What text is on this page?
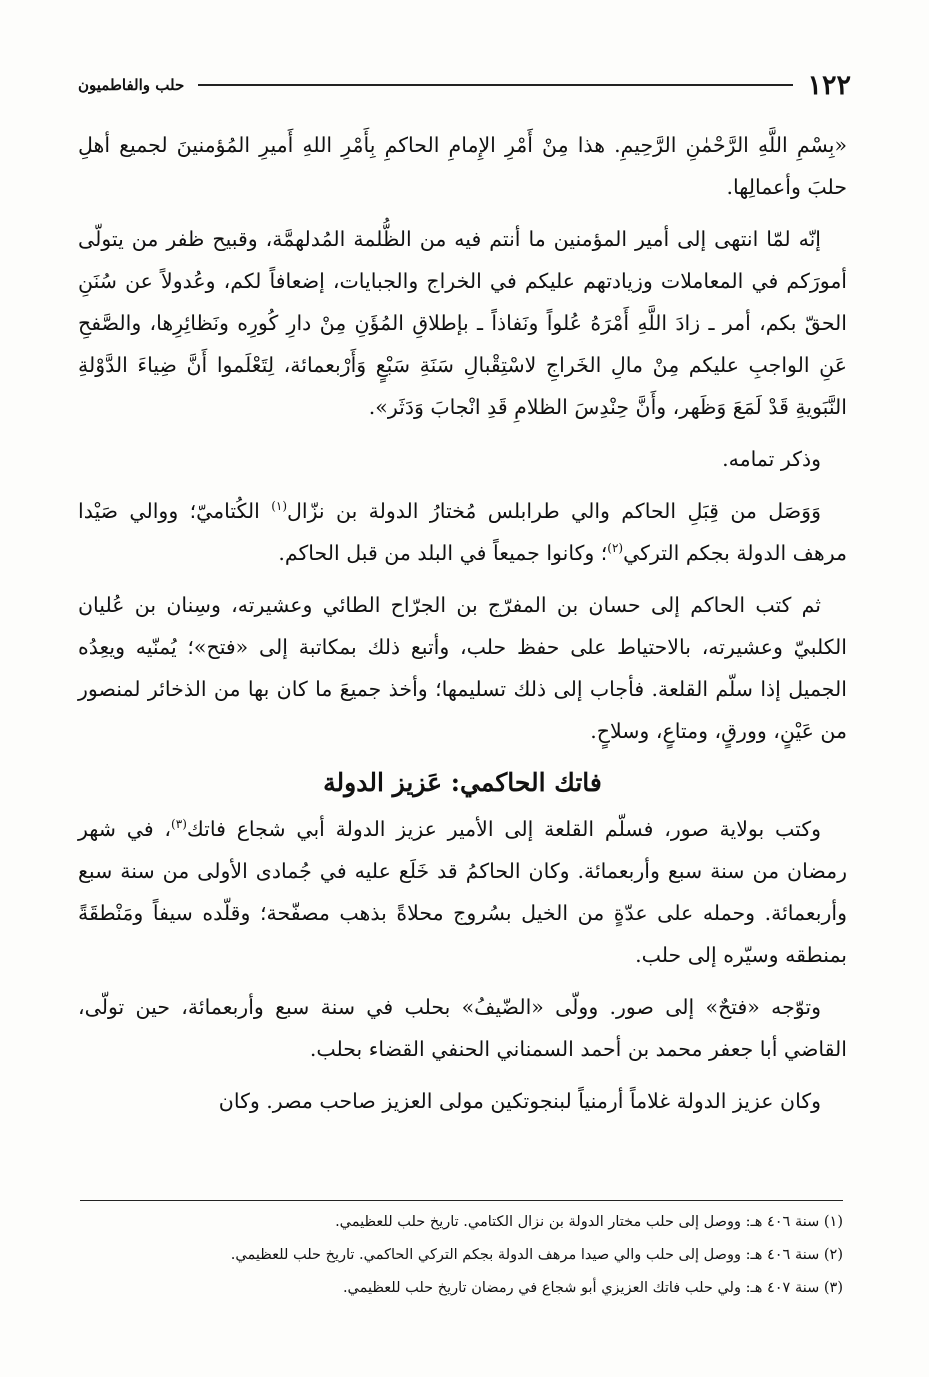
١٢٢
حلب والفاطميون

«بِسْمِ اللَّهِ الرَّحْمٰنِ الرَّحِيمِ. هذا مِنْ أَمْرِ الإِمامِ الحاكمِ بِأَمْرِ اللهِ أَميرِ المُؤمنينَ لجميع أهلِ حلبَ وأعمالِها.

إنّه لمّا انتهى إلى أمير المؤمنين ما أنتم فيه من الظُّلمة المُدلهمَّة، وقبيح ظفر من يتولّى أمورَكم في المعاملات وزيادتهم عليكم في الخراج والجبايات، إضعافاً لكم، وعُدولاً عن سُنَنِ الحقّ بكم، أمر ـ زادَ اللَّهِ أَمْرَهُ عُلواً ونَفاذاً ـ بإطلاقِ المُؤَنِ مِنْ دارِ كُورِه ونَظائِرِها، والصَّفحِ عَنِ الواجبِ عليكم مِنْ مالِ الخَراجِ لاسْتِقْبالِ سَنَةِ سَبْعٍ وَأَرْبعمائة، لِتَعْلَموا أَنَّ ضِياءَ الدَّوْلةِ النَّبَويةِ قَدْ لَمَعَ وَظَهر، وأَنَّ حِنْدِسَ الظلامِ قَدِ انْجابَ وَدَثَر».

وذكر تمامه.

وَوَصَل من قِبَلِ الحاكم والي طرابلس مُختارُ الدولة بن نزّال$^{(١)}$ الكُتاميّ؛ ووالي صَيْدا مرهف الدولة بجكم التركي$^{(٢)}$؛ وكانوا جميعاً في البلد من قبل الحاكم.

ثم كتب الحاكم إلى حسان بن المفرّج بن الجرّاح الطائي وعشيرته، وسِنان بن عُليان الكلبيّ وعشيرته، بالاحتياط على حفظ حلب، وأتبع ذلك بمكاتبة إلى «فتح»؛ يُمنّيه ويعِدُه الجميل إذا سلّم القلعة. فأجاب إلى ذلك تسليمها؛ وأخذ جميعَ ما كان بها من الذخائر لمنصور من عَيْنٍ، وورقٍ، ومتاعٍ، وسلاحٍ.

فاتك الحاكمي: عَزيز الدولة

وكتب بولاية صور، فسلّم القلعة إلى الأمير عزيز الدولة أبي شجاع فاتك$^{(٣)}$، في شهر رمضان من سنة سبع وأربعمائة. وكان الحاكمُ قد خَلَع عليه في جُمادى الأولى من سنة سبع وأربعمائة. وحمله على عدّةٍ من الخيل بسُروج محلاةً بذهب مصفّحة؛ وقلّده سيفاً ومَنْطقَةً بمنطقه وسيّره إلى حلب.

وتوّجه «فتحٌ» إلى صور. وولّى «الضّيفُ» بحلب في سنة سبع وأربعمائة، حين تولّى، القاضي أبا جعفر محمد بن أحمد السمناني الحنفي القضاء بحلب.

وكان عزيز الدولة غلاماً أرمنياً لبنجوتكين مولى العزيز صاحب مصر. وكان

(١) سنة ٤٠٦ هـ: ووصل إلى حلب مختار الدولة بن نزال الكتامي. تاريخ حلب للعظيمي.

(٢) سنة ٤٠٦ هـ: ووصل إلى حلب والي صيدا مرهف الدولة بجكم التركي الحاكمي. تاريخ حلب للعظيمي.

(٣) سنة ٤٠٧ هـ: ولي حلب فاتك العزيزي أبو شجاع في رمضان تاريخ حلب للعظيمي.
